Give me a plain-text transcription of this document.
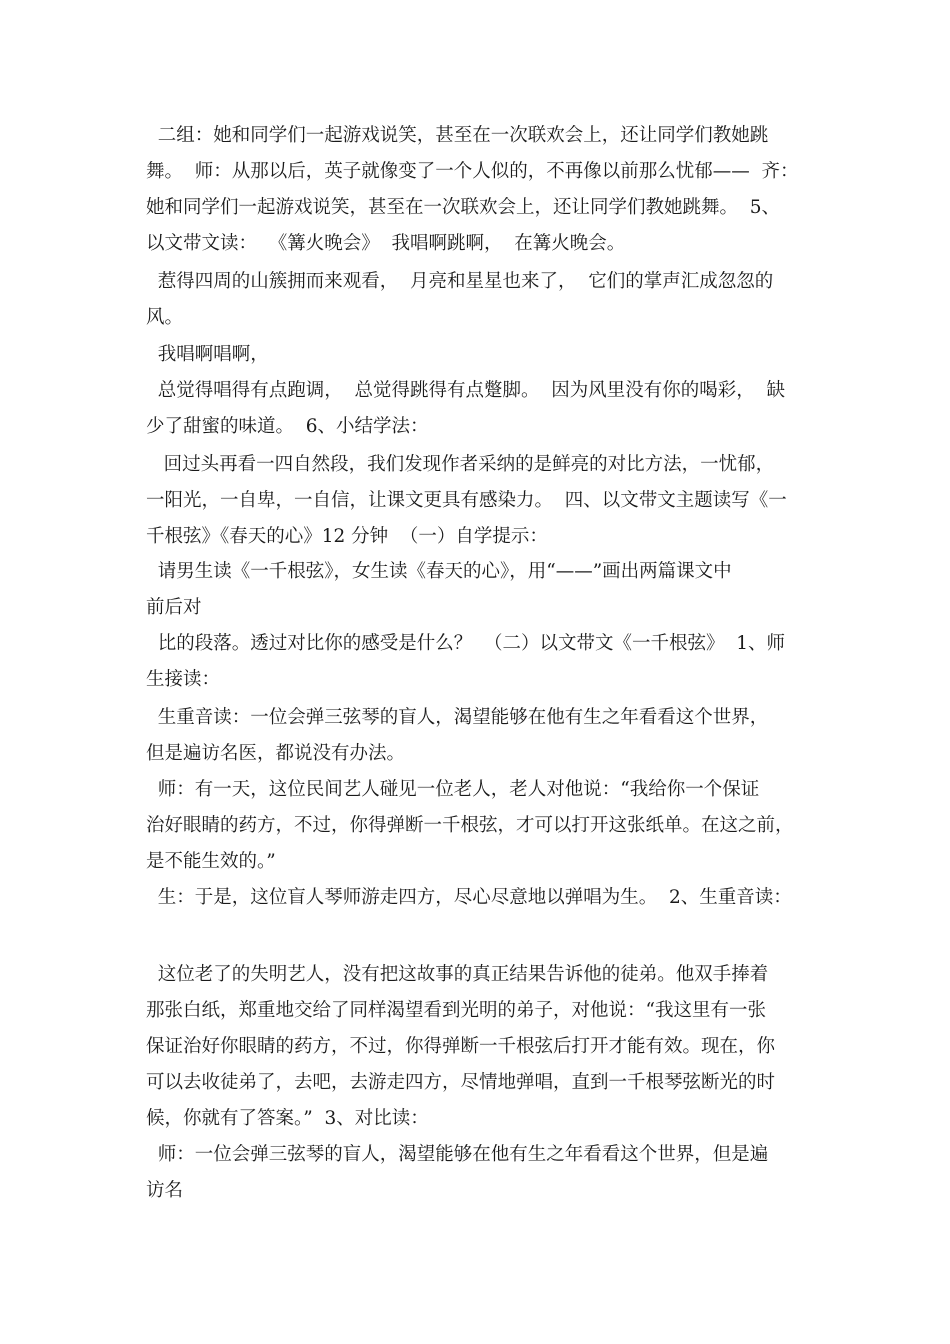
二组：她和同学们一起游戏说笑，甚至在一次联欢会上，还让同学们教她跳
舞。  师：从那以后，英子就像变了一个人似的，不再像以前那么忧郁——  齐：
她和同学们一起游戏说笑，甚至在一次联欢会上，还让同学们教她跳舞。  5、
以文带文读：  《篝火晚会》  我唱啊跳啊，  在篝火晚会。
惹得四周的山簇拥而来观看，  月亮和星星也来了，  它们的掌声汇成忽忽的
风。
我唱啊唱啊，
总觉得唱得有点跑调，  总觉得跳得有点蹩脚。  因为风里没有你的喝彩，  缺
少了甜蜜的味道。  6、小结学法：
回过头再看一四自然段，我们发现作者采纳的是鲜亮的对比方法，一忧郁，
一阳光，一自卑，一自信，让课文更具有感染力。  四、以文带文主题读写《一
千根弦》《春天的心》12 分钟  （一）自学提示：
请男生读《一千根弦》，女生读《春天的心》，用“——”画出两篇课文中
前后对
比的段落。透过对比你的感受是什么？  （二）以文带文《一千根弦》  1、师
生接读：
生重音读：一位会弹三弦琴的盲人，渴望能够在他有生之年看看这个世界，
但是遍访名医，都说没有办法。
师：有一天，这位民间艺人碰见一位老人，老人对他说：“我给你一个保证
治好眼睛的药方，不过，你得弹断一千根弦，才可以打开这张纸单。在这之前，
是不能生效的。”
生：于是，这位盲人琴师游走四方，尽心尽意地以弹唱为生。  2、生重音读：
这位老了的失明艺人，没有把这故事的真正结果告诉他的徒弟。他双手捧着
那张白纸，郑重地交给了同样渴望看到光明的弟子，对他说：“我这里有一张
保证治好你眼睛的药方，不过，你得弹断一千根弦后打开才能有效。现在，你
可以去收徒弟了，去吧，去游走四方，尽情地弹唱，直到一千根琴弦断光的时
候，你就有了答案。”  3、对比读：
师：一位会弹三弦琴的盲人，渴望能够在他有生之年看看这个世界，但是遍
访名
